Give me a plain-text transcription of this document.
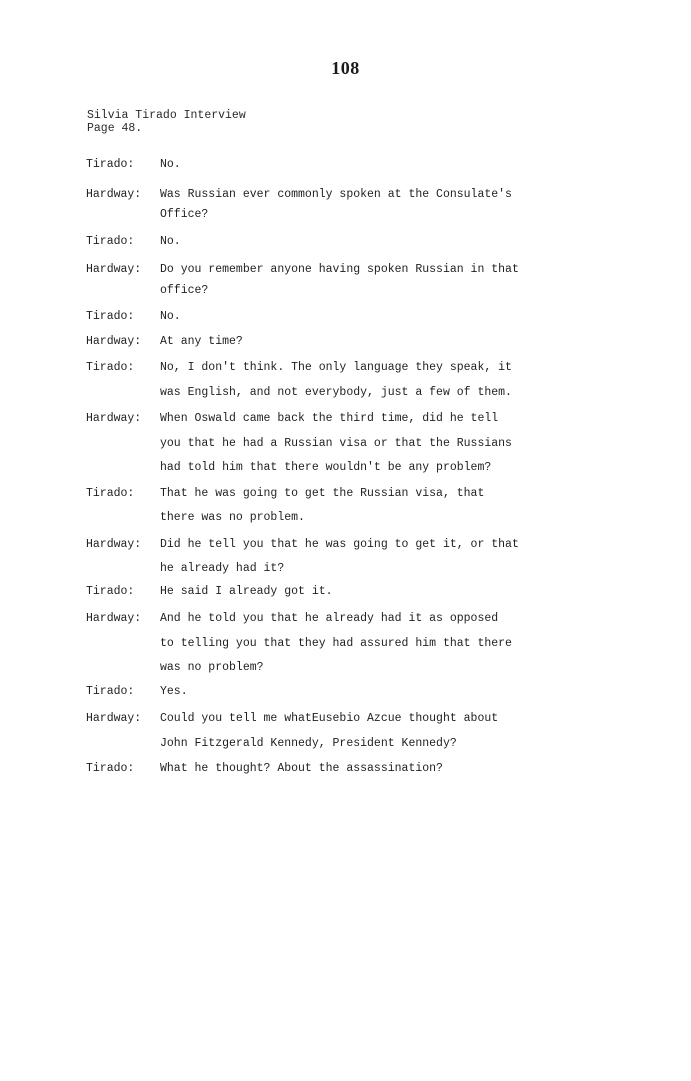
108
Silvia Tirado Interview
Page 48.
Tirado: No.
Hardway: Was Russian ever commonly spoken at the Consulate's
Office?
Tirado: No.
Hardway: Do you remember anyone having spoken Russian in that
office?
Tirado: No.
Hardway: At any time?
Tirado: No, I don't think. The only language they speak, it
was English, and not everybody, just a few of them.
Hardway: When Oswald came back the third time, did he tell
you that he had a Russian visa or that the Russians
had told him that there wouldn't be any problem?
Tirado: That he was going to get the Russian visa, that
there was no problem.
Hardway: Did he tell you that he was going to get it, or that
he already had it?
Tirado: He said I already got it.
Hardway: And he told you that he already had it as opposed
to telling you that they had assured him that there
was no problem?
Tirado: Yes.
Hardway: Could you tell me whatEusebio Azcue thought about
John Fitzgerald Kennedy, President Kennedy?
Tirado: What he thought? About the assassination?
